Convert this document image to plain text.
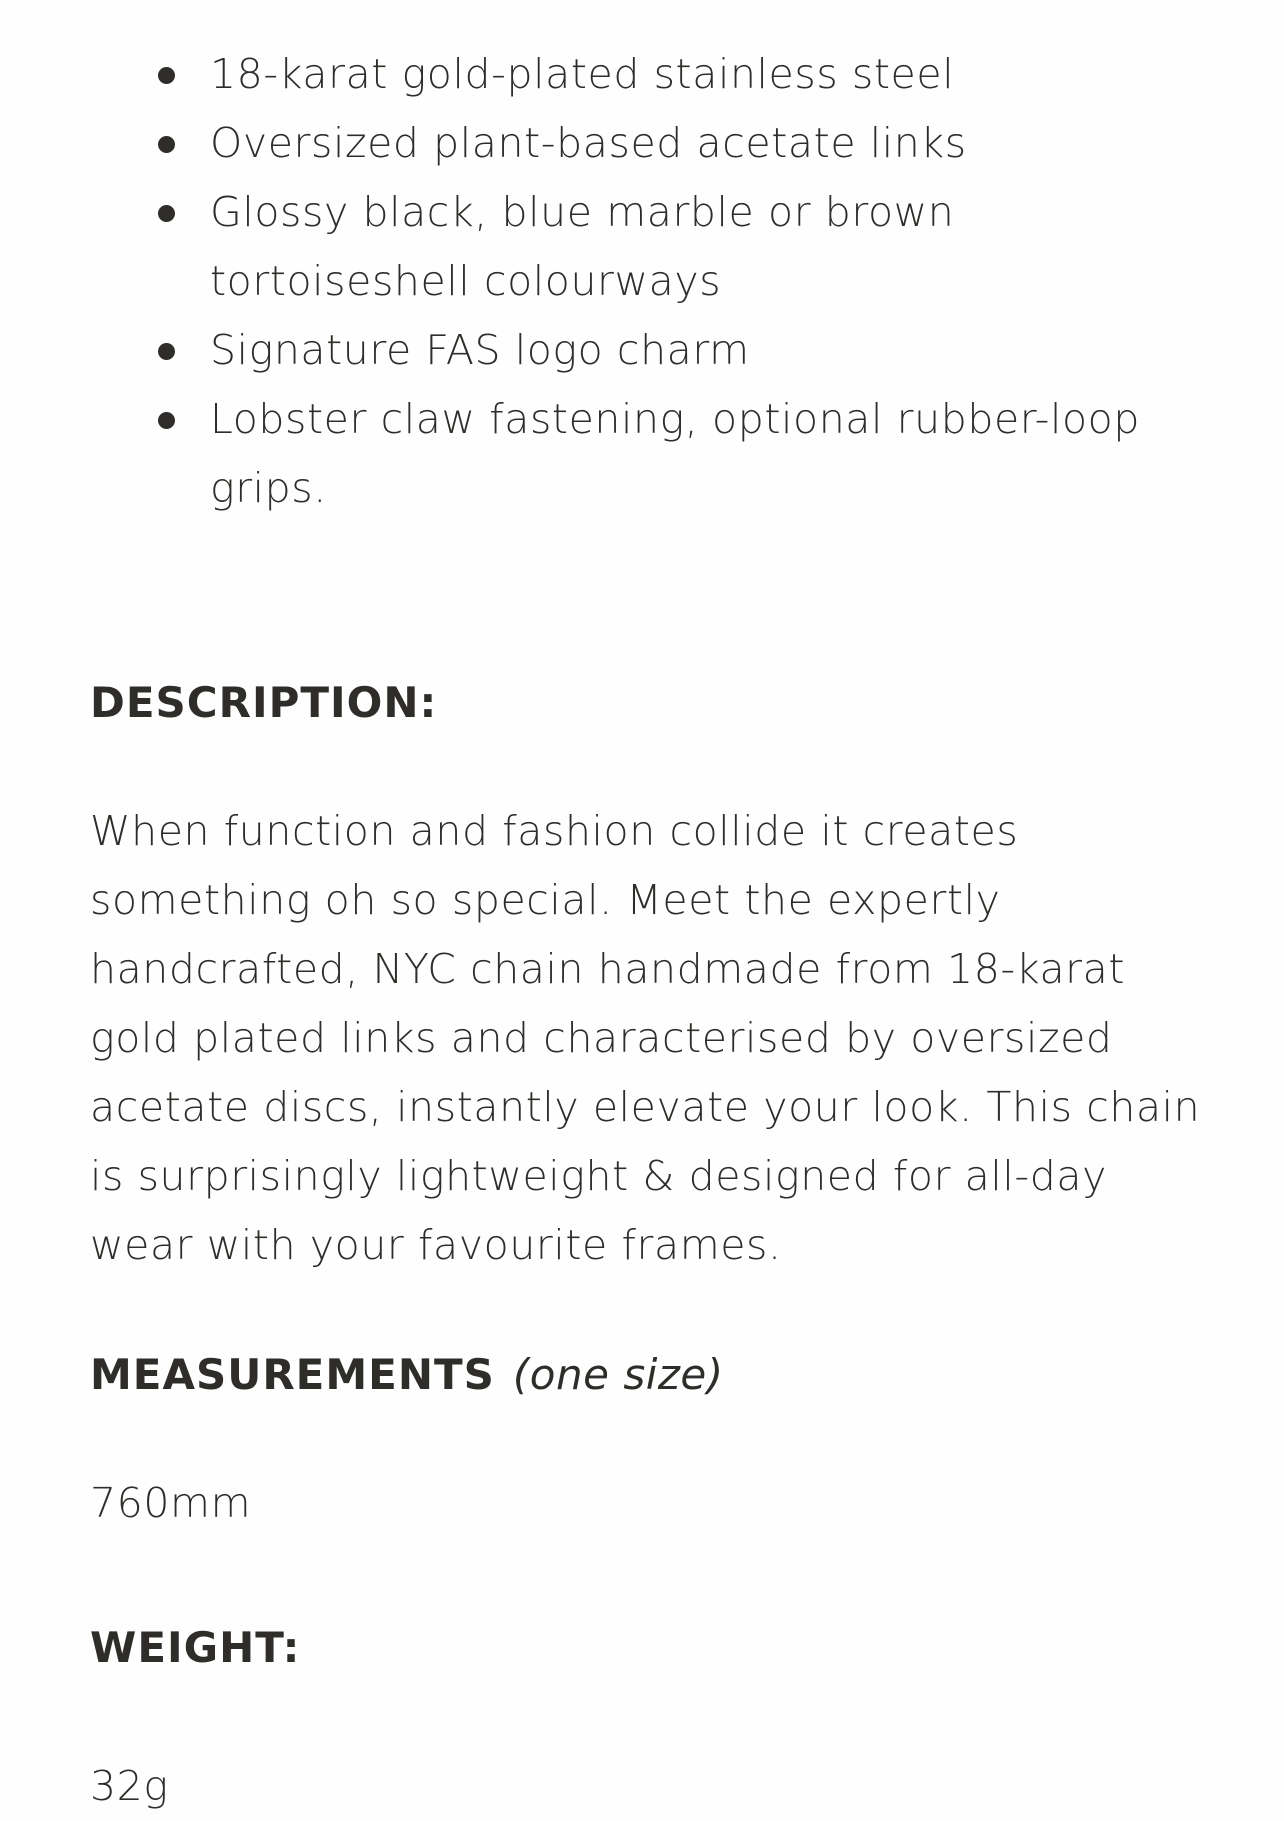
18-karat gold-plated stainless steel
Oversized plant-based acetate links
Glossy black, blue marble or brown tortoiseshell colourways
Signature FAS logo charm
Lobster claw fastening, optional rubber-loop grips.
DESCRIPTION:

When function and fashion collide it creates something oh so special. Meet the expertly handcrafted, NYC chain handmade from 18-karat gold plated links and characterised by oversized acetate discs, instantly elevate your look. This chain is surprisingly lightweight & designed for all-day wear with your favourite frames.

MEASUREMENTS (one size)

760mm

WEIGHT:

32g
